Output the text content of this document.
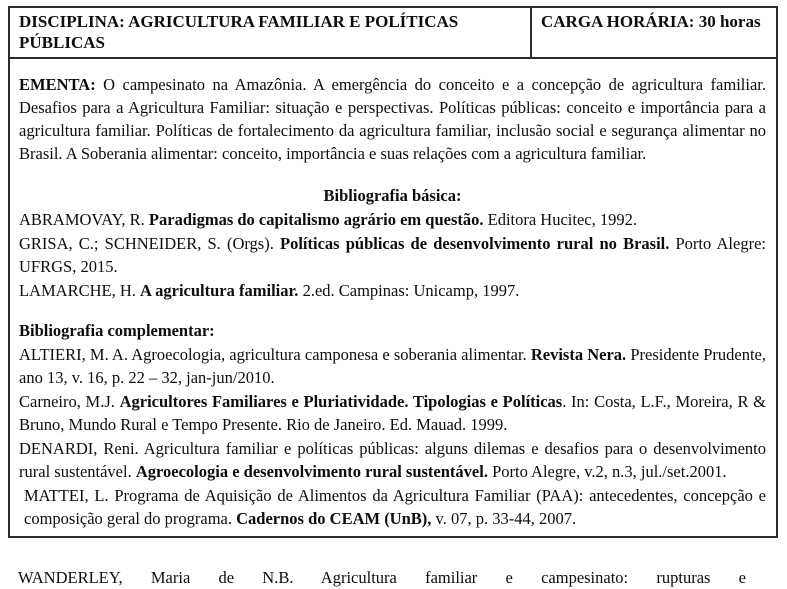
DISCIPLINA: AGRICULTURA FAMILIAR E POLÍTICAS PÚBLICAS
CARGA HORÁRIA: 30 horas

EMENTA: O campesinato na Amazônia. A emergência do conceito e a concepção de agricultura familiar. Desafios para a Agricultura Familiar: situação e perspectivas. Políticas públicas: conceito e importância para a agricultura familiar. Políticas de fortalecimento da agricultura familiar, inclusão social e segurança alimentar no Brasil. A Soberania alimentar: conceito, importância e suas relações com a agricultura familiar.

Bibliografia básica:

ABRAMOVAY, R. Paradigmas do capitalismo agrário em questão. Editora Hucitec, 1992.

GRISA, C.; SCHNEIDER, S. (Orgs). Políticas públicas de desenvolvimento rural no Brasil. Porto Alegre: UFRGS, 2015.

LAMARCHE, H. A agricultura familiar. 2.ed. Campinas: Unicamp, 1997.

Bibliografia complementar:

ALTIERI, M. A. Agroecologia, agricultura camponesa e soberania alimentar. Revista Nera. Presidente Prudente, ano 13, v. 16, p. 22 – 32, jan-jun/2010.

Carneiro, M.J. Agricultores Familiares e Pluriatividade. Tipologias e Políticas. In: Costa, L.F., Moreira, R & Bruno, Mundo Rural e Tempo Presente. Rio de Janeiro. Ed. Mauad. 1999.

DENARDI, Reni. Agricultura familiar e políticas públicas: alguns dilemas e desafios para o desenvolvimento rural sustentável. Agroecologia e desenvolvimento rural sustentável. Porto Alegre, v.2, n.3, jul./set.2001.

MATTEI, L. Programa de Aquisição de Alimentos da Agricultura Familiar (PAA): antecedentes, concepção e composição geral do programa. Cadernos do CEAM (UnB), v. 07, p. 33-44, 2007.

WANDERLEY, Maria de N.B. Agricultura familiar e campesinato: rupturas e
